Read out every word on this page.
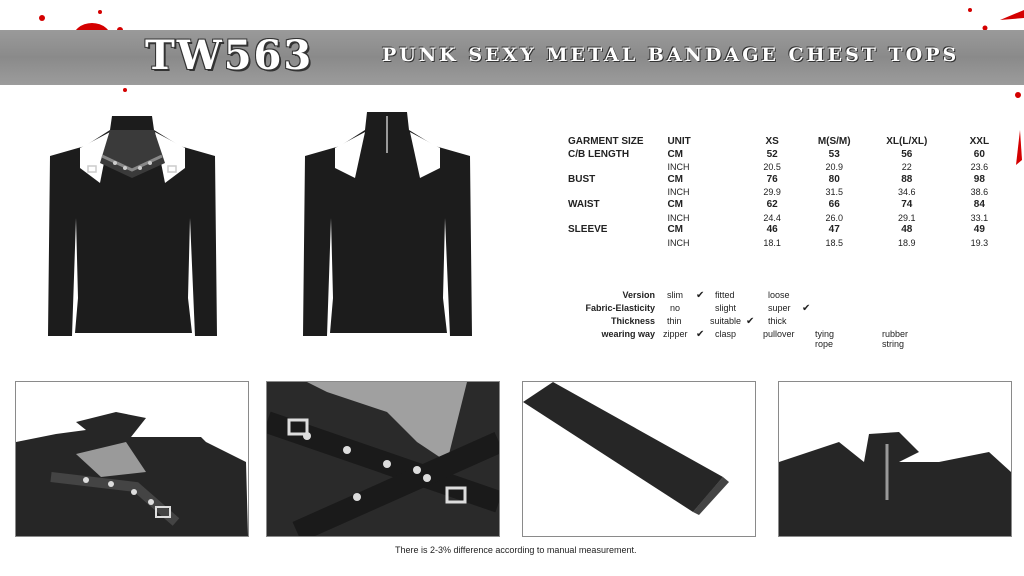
TW563	PUNK SEXY METAL BANDAGE CHEST TOPS
GARMENT SIZE	UNIT	XS	M(S/M)	XL(L/XL)	XXL
C/B LENGTH	CM	52	53	56	60
	INCH	20.5	20.9	22	23.6
BUST	CM	76	80	88	98
	INCH	29.9	31.5	34.6	38.6
WAIST	CM	62	66	74	84
	INCH	24.4	26.0	29.1	33.1
SLEEVE	CM	46	47	48	49
	INCH	18.1	18.5	18.9	19.3
Version slim ✔ fitted	loose
Fabric-Elasticity no	slight	super ✔
Thickness thin	suitable ✔ thick
wearing way zipper ✔ clasp	pullover tying rope
rubber string
There is 2-3% difference according to manual measurement.
